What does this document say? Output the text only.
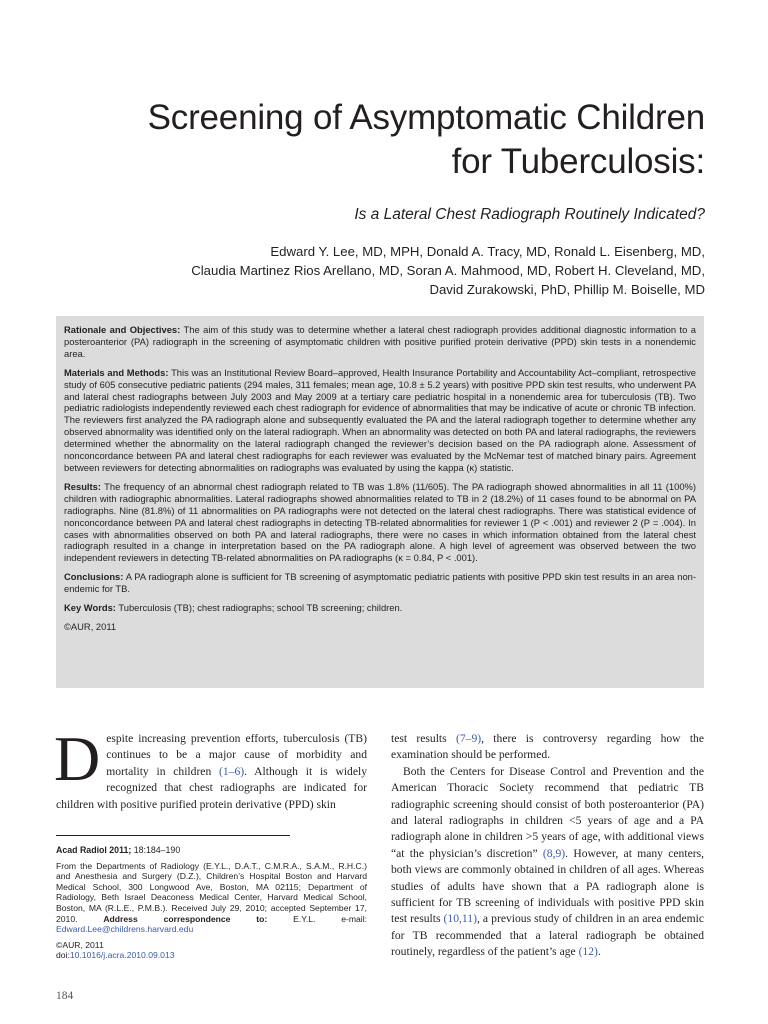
Screening of Asymptomatic Children
for Tuberculosis:

Is a Lateral Chest Radiograph Routinely Indicated?

Edward Y. Lee, MD, MPH, Donald A. Tracy, MD, Ronald L. Eisenberg, MD,
Claudia Martinez Rios Arellano, MD, Soran A. Mahmood, MD, Robert H. Cleveland, MD,
David Zurakowski, PhD, Phillip M. Boiselle, MD

Rationale and Objectives: The aim of this study was to determine whether a lateral chest radiograph provides additional diagnostic information to a posteroanterior (PA) radiograph in the screening of asymptomatic children with positive purified protein derivative (PPD) skin tests in a nonendemic area.

Materials and Methods: This was an Institutional Review Board–approved, Health Insurance Portability and Accountability Act–compliant, retrospective study of 605 consecutive pediatric patients (294 males, 311 females; mean age, 10.8 ± 5.2 years) with positive PPD skin test results, who underwent PA and lateral chest radiographs between July 2003 and May 2009 at a tertiary care pediatric hospital in a nonendemic area for tuberculosis (TB). Two pediatric radiologists independently reviewed each chest radiograph for evidence of abnormalities that may be indicative of acute or chronic TB infection. The reviewers first analyzed the PA radiograph alone and subsequently evaluated the PA and the lateral radiograph together to determine whether any observed abnormality was identified only on the lateral radiograph. When an abnormality was detected on both PA and lateral radiographs, the reviewers determined whether the abnormality on the lateral radiograph changed the reviewer’s decision based on the PA radiograph alone. Assessment of nonconcordance between PA and lateral chest radiographs for each reviewer was evaluated by the McNemar test of matched binary pairs. Agreement between reviewers for detecting abnormalities on radiographs was evaluated by using the kappa (κ) statistic.

Results: The frequency of an abnormal chest radiograph related to TB was 1.8% (11/605). The PA radiograph showed abnormalities in all 11 (100%) children with radiographic abnormalities. Lateral radiographs showed abnormalities related to TB in 2 (18.2%) of 11 cases found to be abnormal on PA radiographs. Nine (81.8%) of 11 abnormalities on PA radiographs were not detected on the lateral chest radiographs. There was statistical evidence of nonconcordance between PA and lateral chest radiographs in detecting TB-related abnormalities for reviewer 1 (P < .001) and reviewer 2 (P = .004). In cases with abnormalities observed on both PA and lateral radiographs, there were no cases in which information obtained from the lateral chest radiograph resulted in a change in interpretation based on the PA radiograph alone. A high level of agreement was observed between the two independent reviewers in detecting TB-related abnormalities on PA radiographs (κ = 0.84, P < .001).

Conclusions: A PA radiograph alone is sufficient for TB screening of asymptomatic pediatric patients with positive PPD skin test results in an area non-endemic for TB.

Key Words: Tuberculosis (TB); chest radiographs; school TB screening; children.

©AUR, 2011

Despite increasing prevention efforts, tuberculosis (TB) continues to be a major cause of morbidity and mortality in children (1–6). Although it is widely recognized that chest radiographs are indicated for children with positive purified protein derivative (PPD) skin

Acad Radiol 2011; 18:184–190

From the Departments of Radiology (E.Y.L., D.A.T., C.M.R.A., S.A.M., R.H.C.) and Anesthesia and Surgery (D.Z.), Children’s Hospital Boston and Harvard Medical School, 300 Longwood Ave, Boston, MA 02115; Department of Radiology, Beth Israel Deaconess Medical Center, Harvard Medical School, Boston, MA (R.L.E., P.M.B.). Received July 29, 2010; accepted September 17, 2010. Address correspondence to: E.Y.L. e-mail: Edward.Lee@childrens.harvard.edu

©AUR, 2011
doi:10.1016/j.acra.2010.09.013

test results (7–9), there is controversy regarding how the examination should be performed.

Both the Centers for Disease Control and Prevention and the American Thoracic Society recommend that pediatric TB radiographic screening should consist of both posteroanterior (PA) and lateral radiographs in children <5 years of age and a PA radiograph alone in children >5 years of age, with additional views “at the physician’s discretion” (8,9). However, at many centers, both views are commonly obtained in children of all ages. Whereas studies of adults have shown that a PA radiograph alone is sufficient for TB screening of individuals with positive PPD skin test results (10,11), a previous study of children in an area endemic for TB recommended that a lateral radiograph be obtained routinely, regardless of the patient’s age (12).

184
